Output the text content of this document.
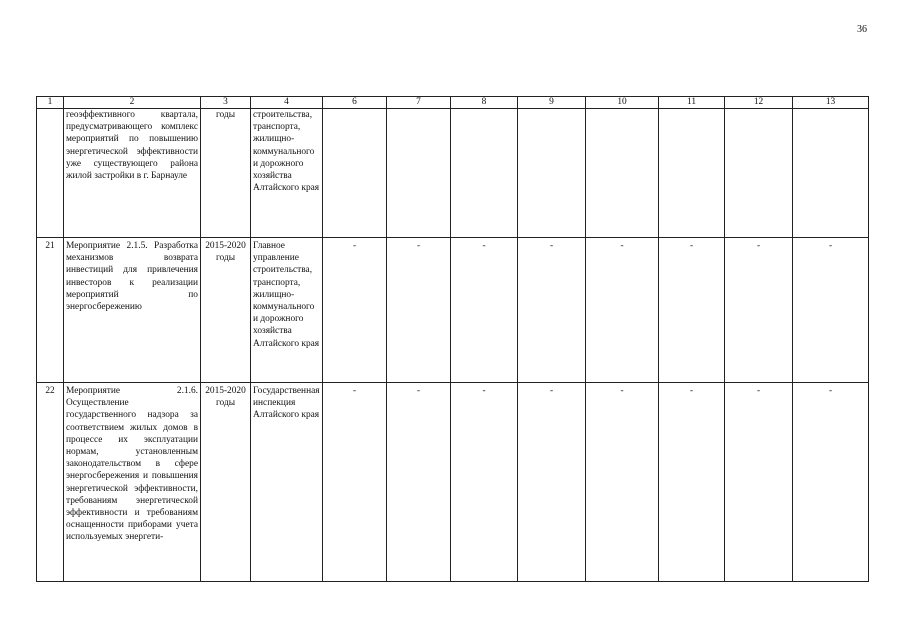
36
1	2	3	4	6	7	8	9	10	11	12	13
	геоэффективного квартала, предусматривающего комплекс мероприятий по повышению энергетической эффективности уже существующего района жилой застройки в г. Барнауле	годы	строительства, транспорта, жилищно-коммунального и дорожного хозяйства Алтайского края								
21	Мероприятие 2.1.5. Разработка механизмов возврата инвестиций для привлечения инвесторов к реализации мероприятий по энергосбережению	2015-2020 годы	Главное управление строительства, транспорта, жилищно-коммунального и дорожного хозяйства Алтайского края	-	-	-	-	-	-	-	-
22	Мероприятие 2.1.6. Осуществление государственного надзора за соответствием жилых домов в процессе их эксплуатации нормам, установленным законодательством в сфере энергосбережения и повышения энергетической эффективности, требованиям энергетической эффективности и требованиям оснащенности приборами учета используемых энергети-	2015-2020 годы	Государственная инспекция Алтайского края	-	-	-	-	-	-	-	-
